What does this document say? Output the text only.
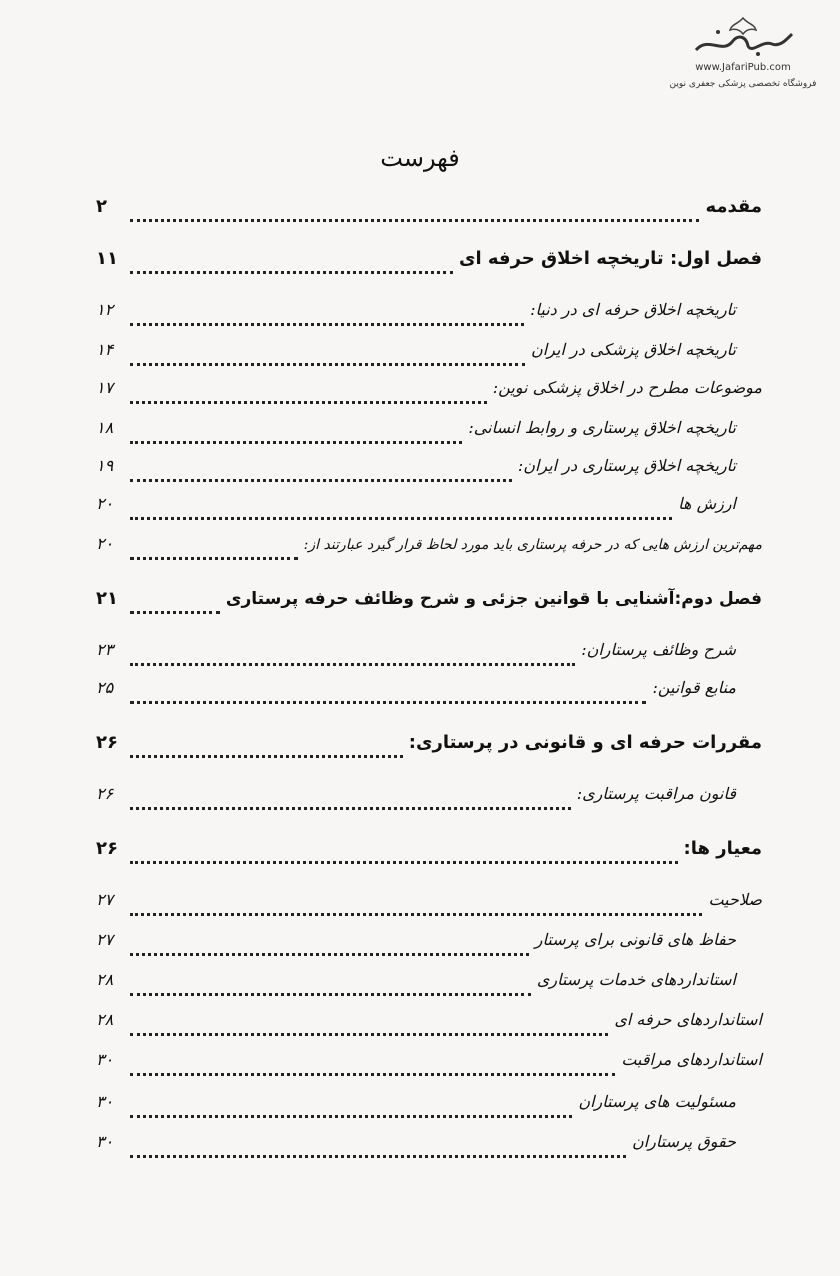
www.JafariPub.com
فروشگاه تخصصی پزشکی جعفری نوین
فهرست
مقدمه
۲
فصل اول: تاریخچه اخلاق حرفه ای
۱۱
تاریخچه اخلاق حرفه ای در دنیا:
۱۲
تاریخچه اخلاق پزشکی در ایران
۱۴
موضوعات مطرح در اخلاق پزشکی نوین:
۱۷
تاریخچه اخلاق پرستاری و روابط انسانی:
۱۸
تاریخچه اخلاق پرستاری در ایران:
۱۹
ارزش ها
۲۰
مهم‌ترین ارزش هایی که در حرفه پرستاری باید مورد لحاظ قرار گیرد عبارتند از:
۲۰
فصل دوم:آشنایی با قوانین جزئی و شرح وظائف حرفه پرستاری
۲۱
شرح وظائف پرستاران:
۲۳
منابع قوانین:
۲۵
مقررات حرفه ای و قانونی در پرستاری:
۲۶
قانون مراقبت پرستاری:
۲۶
معیار ها:
۲۶
صلاحیت
۲۷
حفاظ های قانونی برای پرستار
۲۷
استانداردهای خدمات پرستاری
۲۸
استانداردهای حرفه ای
۲۸
استانداردهای مراقبت
۳۰
مسئولیت های پرستاران
۳۰
حقوق پرستاران
۳۰
